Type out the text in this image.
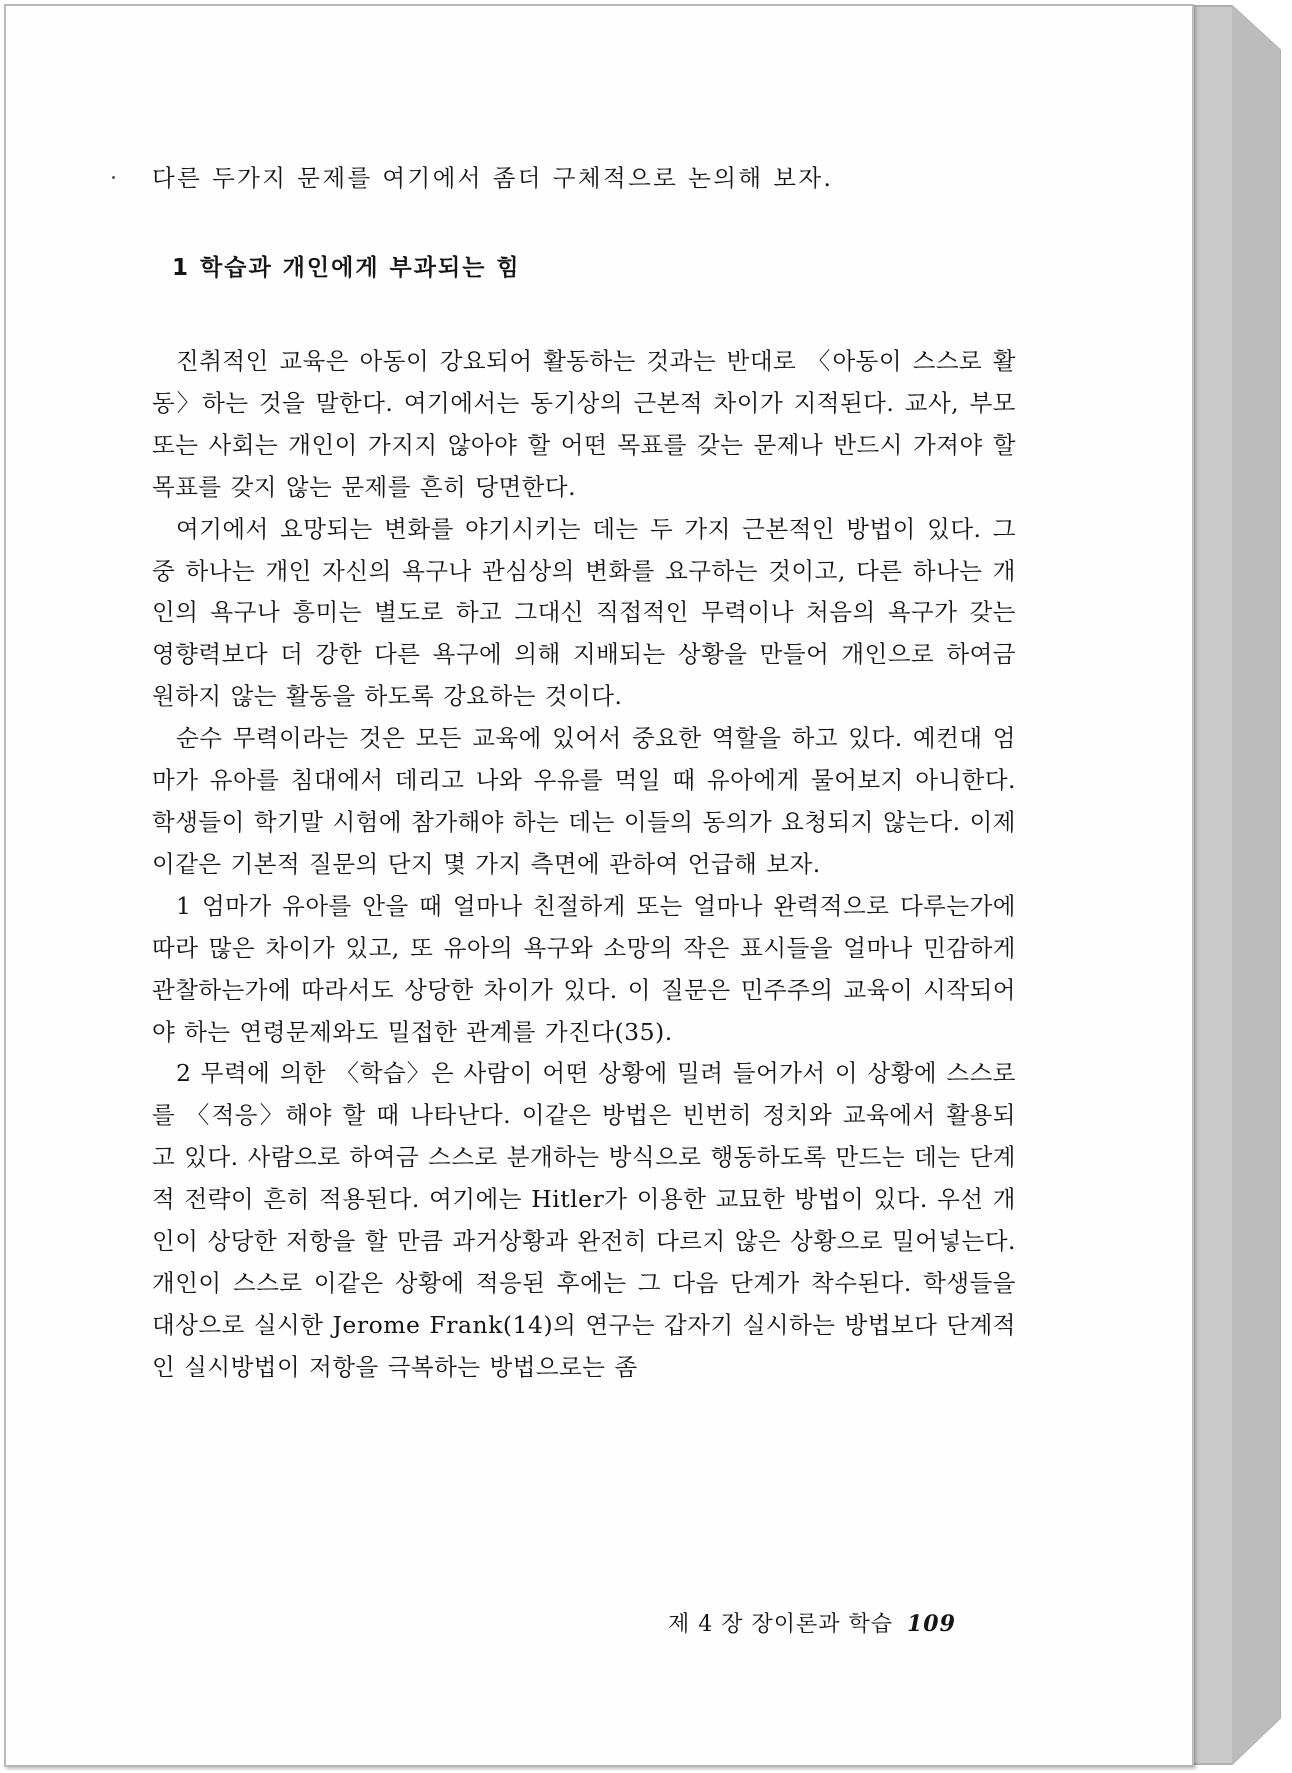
다른 두가지 문제를 여기에서 좀더 구체적으로 논의해 보자.

1 학습과 개인에게 부과되는 힘

진취적인 교육은 아동이 강요되어 활동하는 것과는 반대로 〈아동이 스스로 활동〉하는 것을 말한다. 여기에서는 동기상의 근본적 차이가 지적된다. 교사, 부모 또는 사회는 개인이 가지지 않아야 할 어떤 목표를 갖는 문제나 반드시 가져야 할 목표를 갖지 않는 문제를 흔히 당면한다.

여기에서 요망되는 변화를 야기시키는 데는 두 가지 근본적인 방법이 있다. 그 중 하나는 개인 자신의 욕구나 관심상의 변화를 요구하는 것이고, 다른 하나는 개인의 욕구나 흥미는 별도로 하고 그대신 직접적인 무력이나 처음의 욕구가 갖는 영향력보다 더 강한 다른 욕구에 의해 지배되는 상황을 만들어 개인으로 하여금 원하지 않는 활동을 하도록 강요하는 것이다.

순수 무력이라는 것은 모든 교육에 있어서 중요한 역할을 하고 있다. 예컨대 엄마가 유아를 침대에서 데리고 나와 우유를 먹일 때 유아에게 물어보지 아니한다. 학생들이 학기말 시험에 참가해야 하는 데는 이들의 동의가 요청되지 않는다. 이제 이같은 기본적 질문의 단지 몇 가지 측면에 관하여 언급해 보자.

1 엄마가 유아를 안을 때 얼마나 친절하게 또는 얼마나 완력적으로 다루는가에 따라 많은 차이가 있고, 또 유아의 욕구와 소망의 작은 표시들을 얼마나 민감하게 관찰하는가에 따라서도 상당한 차이가 있다. 이 질문은 민주주의 교육이 시작되어야 하는 연령문제와도 밀접한 관계를 가진다(35).

2 무력에 의한 〈학습〉은 사람이 어떤 상황에 밀려 들어가서 이 상황에 스스로를 〈적응〉해야 할 때 나타난다. 이같은 방법은 빈번히 정치와 교육에서 활용되고 있다. 사람으로 하여금 스스로 분개하는 방식으로 행동하도록 만드는 데는 단계적 전략이 흔히 적용된다. 여기에는 Hitler가 이용한 교묘한 방법이 있다. 우선 개인이 상당한 저항을 할 만큼 과거상황과 완전히 다르지 않은 상황으로 밀어넣는다. 개인이 스스로 이같은 상황에 적응된 후에는 그 다음 단계가 착수된다. 학생들을 대상으로 실시한 Jerome Frank(14)의 연구는 갑자기 실시하는 방법보다 단계적인 실시방법이 저항을 극복하는 방법으로는 좀

제 4 장 장이론과 학습 109
